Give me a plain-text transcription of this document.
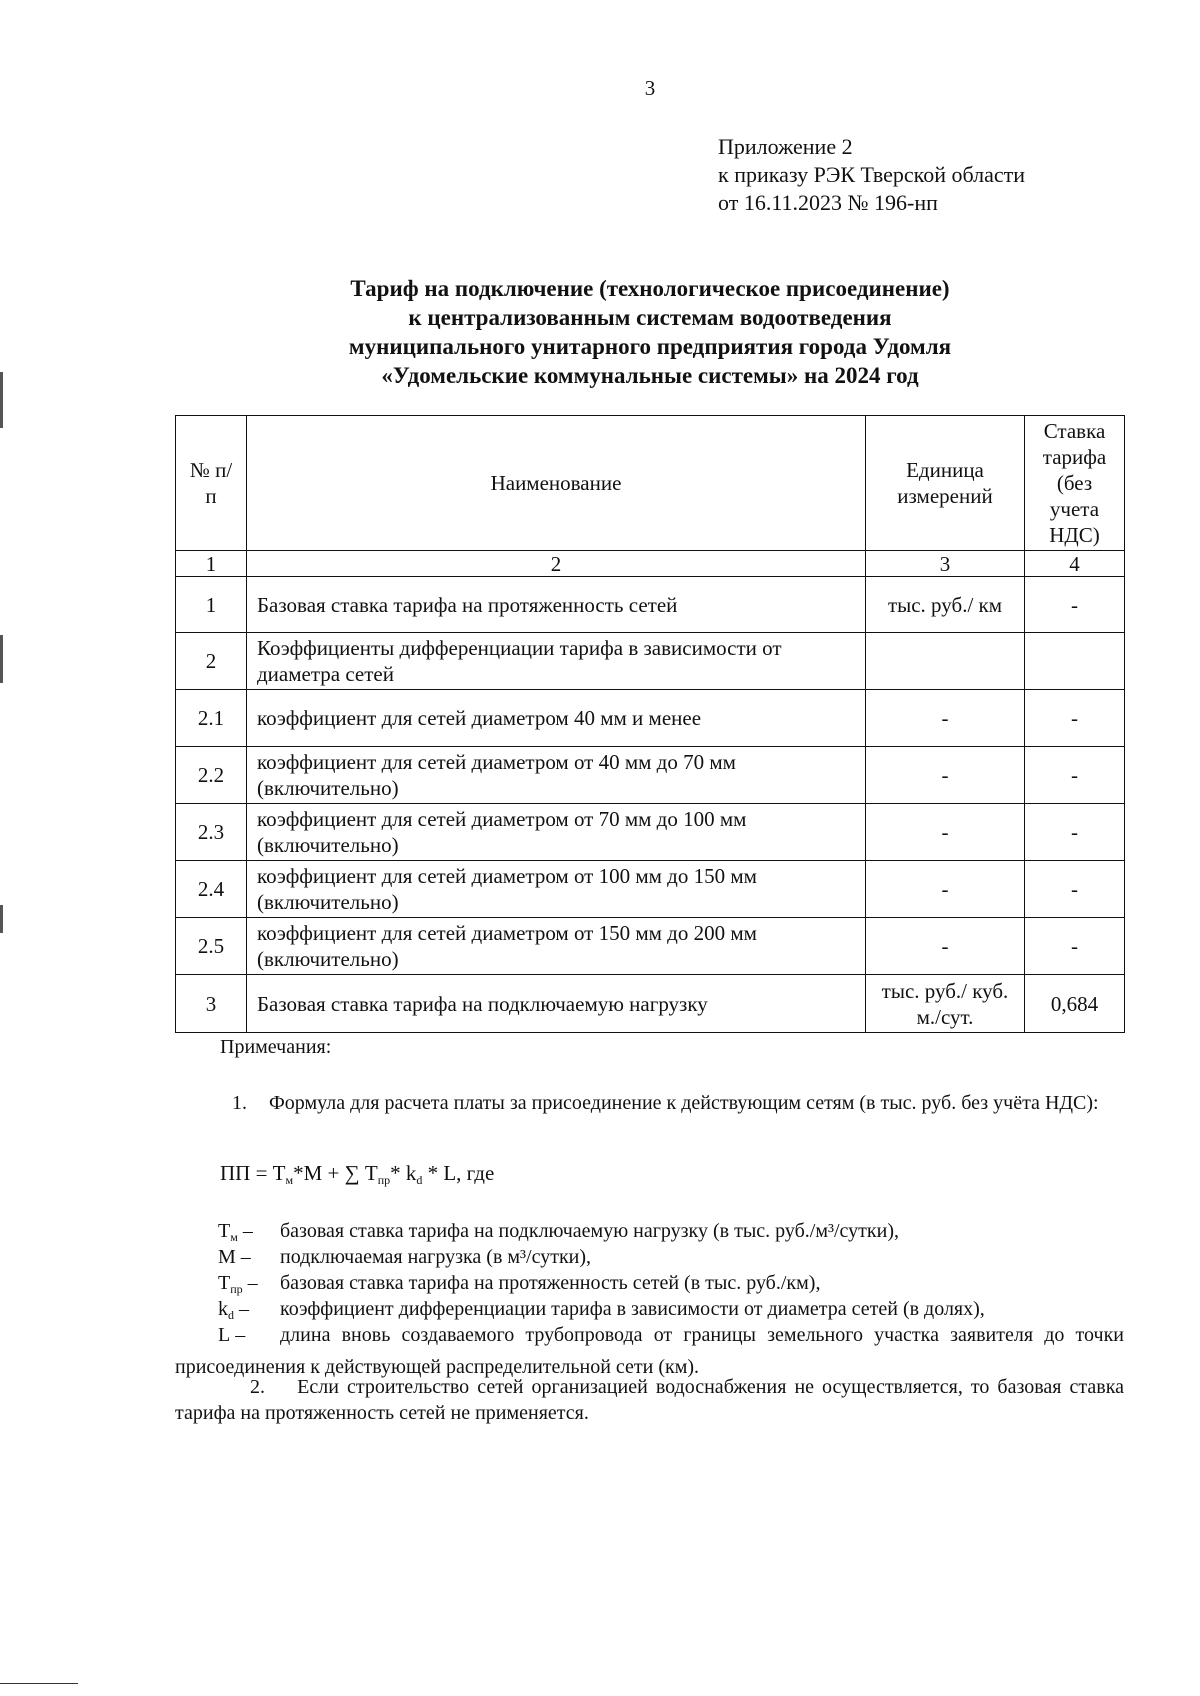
3
Приложение 2
к приказу РЭК Тверской области
от 16.11.2023 № 196-нп
Тариф на подключение (технологическое присоединение)
к централизованным системам водоотведения
муниципального унитарного предприятия города Удомля
«Удомельские коммунальные системы» на 2024 год
№ п/п	Наименование	Единица измерений	Ставка тарифа (без учета НДС)
1	2	3	4
1	Базовая ставка тарифа на протяженность сетей	тыс. руб./ км	-
2	Коэффициенты дифференциации тарифа в зависимости от диаметра сетей		
2.1	коэффициент для сетей диаметром 40 мм и менее	-	-
2.2	коэффициент для сетей диаметром от 40 мм до 70 мм (включительно)	-	-
2.3	коэффициент для сетей диаметром от 70 мм до 100 мм (включительно)	-	-
2.4	коэффициент для сетей диаметром от 100 мм до 150 мм (включительно)	-	-
2.5	коэффициент для сетей диаметром от 150 мм до 200 мм (включительно)	-	-
3	Базовая ставка тарифа на подключаемую нагрузку	тыс. руб./ куб. м./сут.	0,684
Примечания:
1. Формула для расчета платы за присоединение к действующим сетям (в тыс. руб. без учёта НДС):
ПП = $Т_м*М$ + ∑ $Т_{пр}*$ $k_d$ * L, где
$Т_м$ – базовая ставка тарифа на подключаемую нагрузку (в тыс. руб./м³/сутки),
М – подключаемая нагрузка (в м³/сутки),
$Т_{пр}$ – базовая ставка тарифа на протяженность сетей (в тыс. руб./км),
$k_d$ – коэффициент дифференциации тарифа в зависимости от диаметра сетей (в долях),
L – длина вновь создаваемого трубопровода от границы земельного участка заявителя до точки присоединения к действующей распределительной сети (км).
2. Если строительство сетей организацией водоснабжения не осуществляется, то базовая ставка тарифа на протяженность сетей не применяется.
